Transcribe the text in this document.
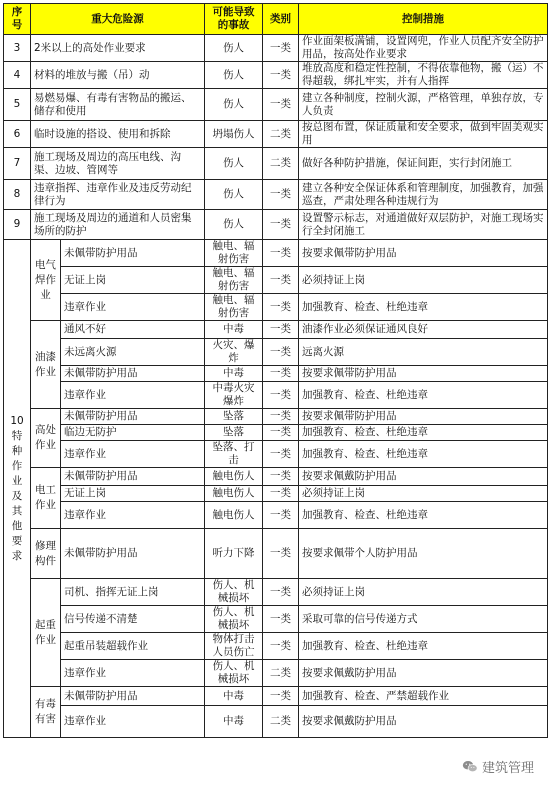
序号	重大危险源		可能导致的事故	类别	控制措施
3	2米以上的高处作业要求		伤人	一类	作业面架板满铺，设置网兜，作业人员配齐安全防护用品，按高处作业要求
4	材料的堆放与搬（吊）动		伤人	一类	堆放高度和稳定性控制，不得依靠他物，搬（运）不得超载，绑扎牢实，并有人指挥
5	易燃易爆、有毒有害物品的搬运、储存和使用		伤人	一类	建立各种制度，控制火源，严格管理，单独存放，专人负责
6	临时设施的搭设、使用和拆除		坍塌伤人	二类	按总图布置，保证质量和安全要求，做到牢固美观实用
7	施工现场及周边的高压电线、沟渠、边坡、管网等		伤人	二类	做好各种防护措施，保证间距，实行封闭施工
8	违章指挥、违章作业及违反劳动纪律行为		伤人	一类	建立各种安全保证体系和管理制度，加强教育，加强巡查，严肃处理各种违规行为
9	施工现场及周边的通道和人员密集场所的防护		伤人	一类	设置警示标志，对通道做好双层防护，对施工现场实行全封闭施工
10特种作业及其他要求	电气焊作业	未佩带防护用品	触电、辐射伤害	一类	按要求佩带防护用品
		无证上岗	触电、辐射伤害	一类	必须持证上岗
		违章作业	触电、辐射伤害	一类	加强教育、检查、杜绝违章
	油漆作业	通风不好	中毒	一类	油漆作业必须保证通风良好
		未远离火源	火灾、爆炸	一类	远离火源
		未佩带防护用品	中毒	一类	按要求佩带防护用品
		违章作业	中毒火灾爆炸	一类	加强教育、检查、杜绝违章
	高处作业	未佩带防护用品	坠落	一类	按要求佩带防护用品
		临边无防护	坠落	一类	加强教育、检查、杜绝违章
		违章作业	坠落、打击	一类	加强教育、检查、杜绝违章
	电工作业	未佩带防护用品	触电伤人	一类	按要求佩戴防护用品
		无证上岗	触电伤人	一类	必须持证上岗
		违章作业	触电伤人	一类	加强教育、检查、杜绝违章
	修理构件	未佩带防护用品	听力下降	一类	按要求佩带个人防护用品
	起重作业	司机、指挥无证上岗	伤人、机械损坏	一类	必须持证上岗
		信号传递不清楚	伤人、机械损坏	一类	采取可靠的信号传递方式
		起重吊装超载作业	物体打击人员伤亡	一类	加强教育、检查、杜绝违章
		违章作业	伤人、机械损坏	二类	按要求佩戴防护用品
	有毒有害	未佩带防护用品	中毒	一类	加强教育、检查、严禁超载作业
		违章作业	中毒	二类	按要求佩戴防护用品
建筑管理
